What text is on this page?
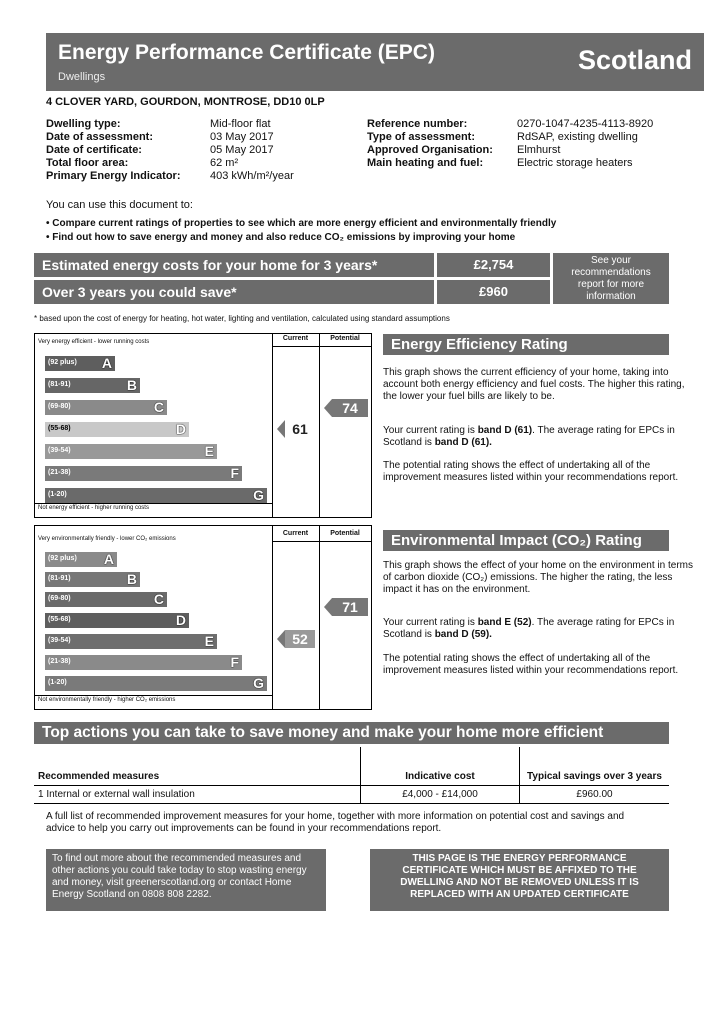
Energy Performance Certificate (EPC)
Dwellings
Scotland
4 CLOVER YARD, GOURDON, MONTROSE, DD10 0LP
Dwelling type:	Mid-floor flat
Date of assessment:	03 May 2017
Date of certificate:	05 May 2017
Total floor area:	62 m²
Primary Energy Indicator:	403 kWh/m²/year
Reference number:	0270-1047-4235-4113-8920
Type of assessment:	RdSAP, existing dwelling
Approved Organisation:	Elmhurst
Main heating and fuel:	Electric storage heaters
You can use this document to:
• Compare current ratings of properties to see which are more energy efficient and environmentally friendly
• Find out how to save energy and money and also reduce CO₂ emissions by improving your home
Estimated energy costs for your home for 3 years*	£2,754
Over 3 years you could save*	£960
See your recommendations report for more information
* based upon the cost of energy for heating, hot water, lighting and ventilation, calculated using standard assumptions
Very energy efficient - lower running costs	Current	Potential
(92 plus) A
(81-91)	B
(69-80)	C
(55-68)	D
(39-54)	E
(21-38)	F
(1-20)	G
61
74
Not energy efficient - higher running costs
Energy Efficiency Rating
This graph shows the current efficiency of your home, taking into account both energy efficiency and fuel costs. The higher this rating, the lower your fuel bills are likely to be.
Your current rating is band D (61). The average rating for EPCs in Scotland is band D (61).
The potential rating shows the effect of undertaking all of the improvement measures listed within your recommendations report.
Very environmentally friendly - lower CO₂ emissions
Current	Potential
(92 plus) A
(81-91)	B
(69-80)	C
(55-68)	D
(39-54)	E
(21-38)	F
(1-20)	G
52
71
Not environmentally friendly - higher CO₂ emissions
Environmental Impact (CO₂) Rating
This graph shows the effect of your home on the environment in terms of carbon dioxide (CO₂) emissions. The higher the rating, the less impact it has on the environment.
Your current rating is band E (52). The average rating for EPCs in Scotland is band D (59).
The potential rating shows the effect of undertaking all of the improvement measures listed within your recommendations report.
Top actions you can take to save money and make your home more efficient
Recommended measures	Indicative cost	Typical savings over 3 years
1 Internal or external wall insulation	£4,000 - £14,000	£960.00
A full list of recommended improvement measures for your home, together with more information on potential cost and savings and advice to help you carry out improvements can be found in your recommendations report.
To find out more about the recommended measures and other actions you could take today to stop wasting energy and money, visit greenerscotland.org or contact Home Energy Scotland on 0808 808 2282.
THIS PAGE IS THE ENERGY PERFORMANCE CERTIFICATE WHICH MUST BE AFFIXED TO THE DWELLING AND NOT BE REMOVED UNLESS IT IS REPLACED WITH AN UPDATED CERTIFICATE
